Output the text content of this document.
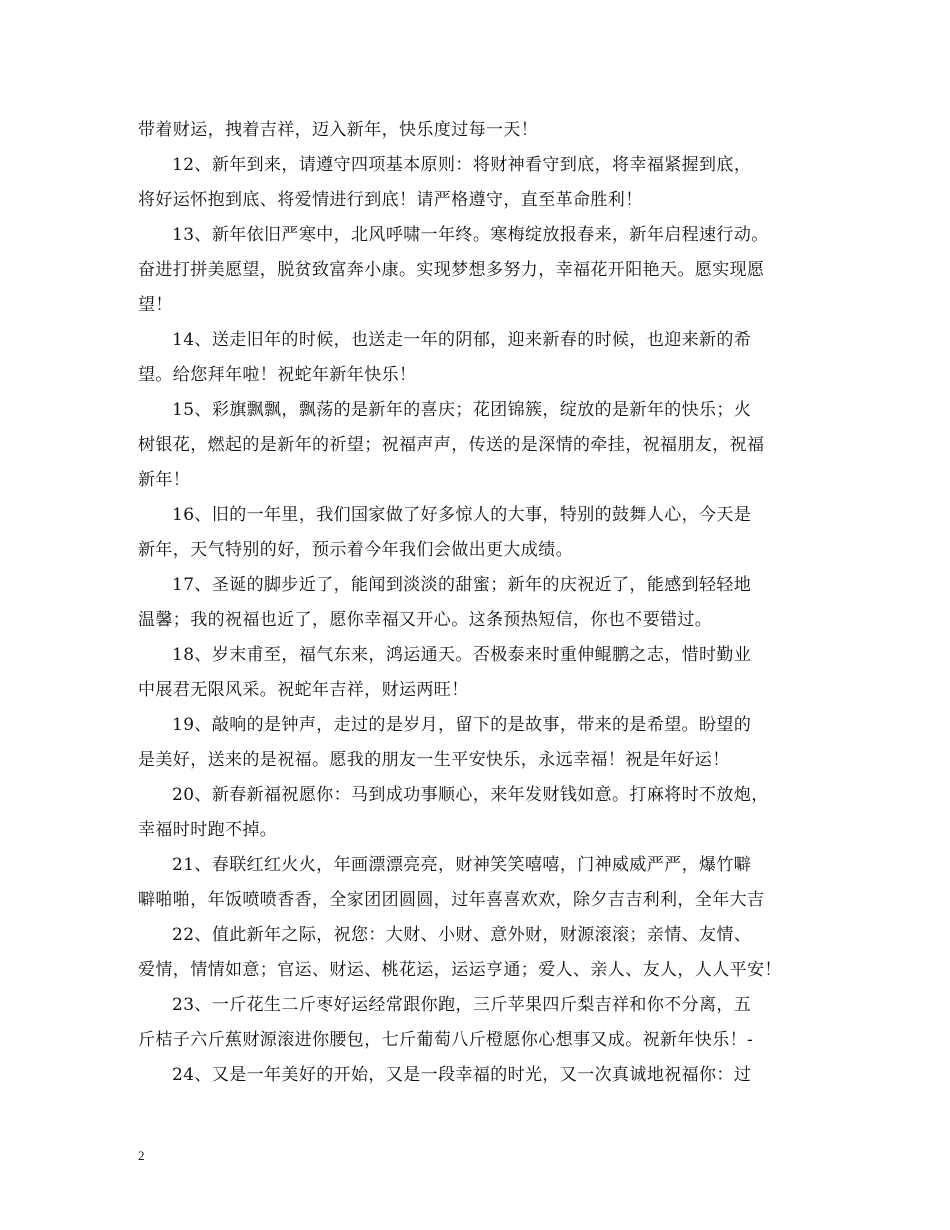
带着财运，拽着吉祥，迈入新年，快乐度过每一天！
12、新年到来，请遵守四项基本原则：将财神看守到底，将幸福紧握到底，
将好运怀抱到底、将爱情进行到底！请严格遵守，直至革命胜利！
13、新年依旧严寒中，北风呼啸一年终。寒梅绽放报春来，新年启程速行动。
奋进打拼美愿望，脱贫致富奔小康。实现梦想多努力，幸福花开阳艳天。愿实现愿
望！
14、送走旧年的时候，也送走一年的阴郁，迎来新春的时候，也迎来新的希
望。给您拜年啦！祝蛇年新年快乐！
15、彩旗飘飘，飘荡的是新年的喜庆；花团锦簇，绽放的是新年的快乐；火
树银花，燃起的是新年的祈望；祝福声声，传送的是深情的牵挂，祝福朋友，祝福
新年！
16、旧的一年里，我们国家做了好多惊人的大事，特别的鼓舞人心，今天是
新年，天气特别的好，预示着今年我们会做出更大成绩。
17、圣诞的脚步近了，能闻到淡淡的甜蜜；新年的庆祝近了，能感到轻轻地
温馨；我的祝福也近了，愿你幸福又开心。这条预热短信，你也不要错过。
18、岁末甫至，福气东来，鸿运通天。否极泰来时重伸鲲鹏之志，惜时勤业
中展君无限风采。祝蛇年吉祥，财运两旺！
19、敲响的是钟声，走过的是岁月，留下的是故事，带来的是希望。盼望的
是美好，送来的是祝福。愿我的朋友一生平安快乐，永远幸福！祝是年好运！
20、新春新福祝愿你：马到成功事顺心，来年发财钱如意。打麻将时不放炮，
幸福时时跑不掉。
21、春联红红火火，年画漂漂亮亮，财神笑笑嘻嘻，门神威威严严，爆竹噼
噼啪啪，年饭喷喷香香，全家团团圆圆，过年喜喜欢欢，除夕吉吉利利，全年大吉
22、值此新年之际，祝您：大财、小财、意外财，财源滚滚；亲情、友情、
爱情，情情如意；官运、财运、桃花运，运运亨通；爱人、亲人、友人，人人平安！
23、一斤花生二斤枣好运经常跟你跑，三斤苹果四斤梨吉祥和你不分离，五
斤桔子六斤蕉财源滚进你腰包，七斤葡萄八斤橙愿你心想事又成。祝新年快乐！-
24、又是一年美好的开始，又是一段幸福的时光，又一次真诚地祝福你：过
2
